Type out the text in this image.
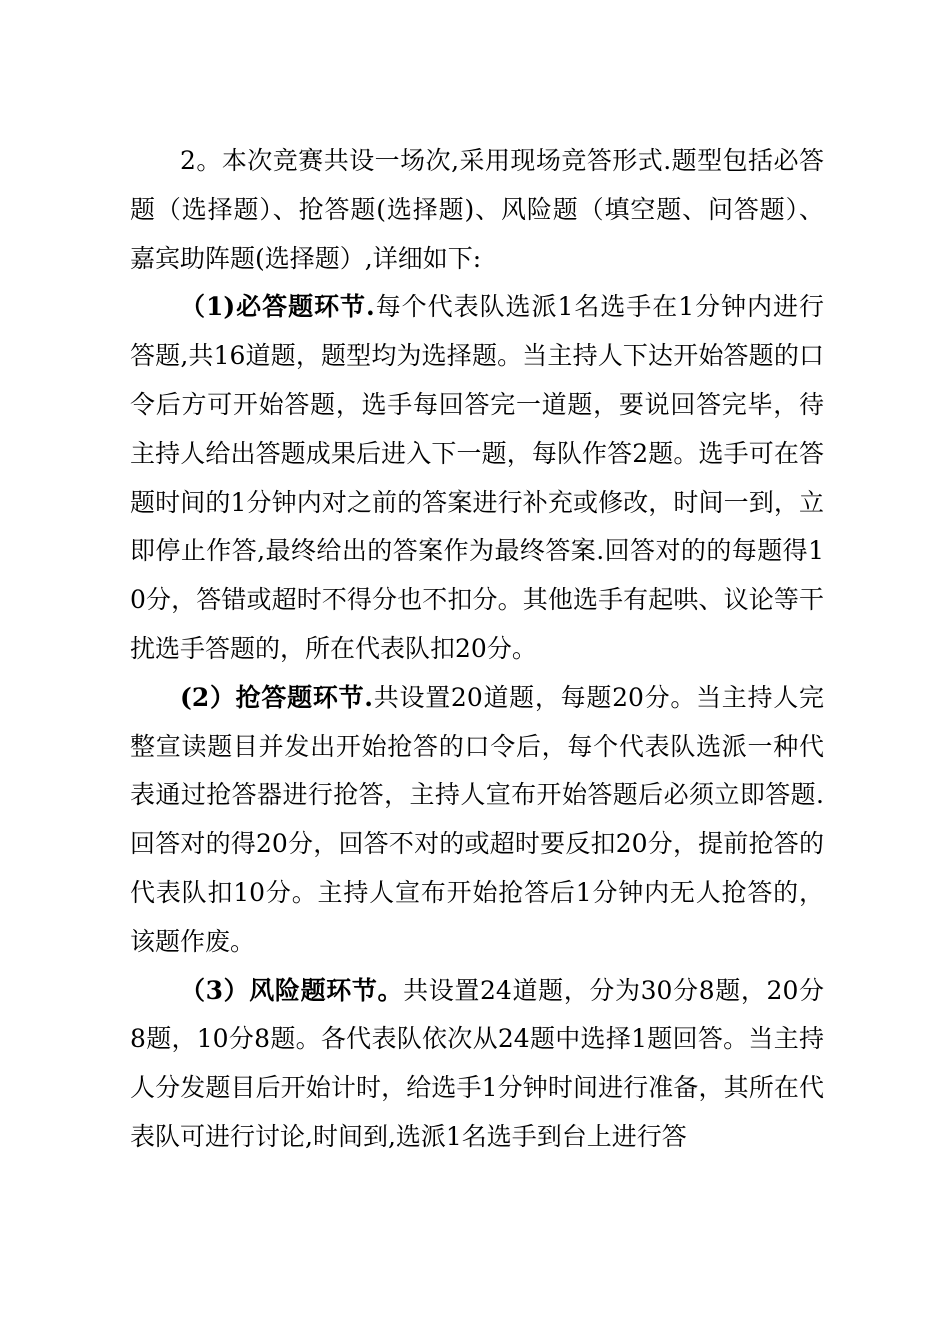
2。本次竞赛共设一场次,采用现场竞答形式.题型包括必答题（选择题）、抢答题(选择题)、风险题（填空题、问答题）、嘉宾助阵题(选择题）,详细如下:

（1)必答题环节.每个代表队选派1名选手在1分钟内进行答题,共16道题，题型均为选择题。当主持人下达开始答题的口令后方可开始答题，选手每回答完一道题，要说回答完毕，待主持人给出答题成果后进入下一题，每队作答2题。选手可在答题时间的1分钟内对之前的答案进行补充或修改，时间一到，立即停止作答,最终给出的答案作为最终答案.回答对的的每题得10分，答错或超时不得分也不扣分。其他选手有起哄、议论等干扰选手答题的，所在代表队扣20分。

(2）抢答题环节.共设置20道题，每题20分。当主持人完整宣读题目并发出开始抢答的口令后，每个代表队选派一种代表通过抢答器进行抢答，主持人宣布开始答题后必须立即答题.回答对的得20分，回答不对的或超时要反扣20分，提前抢答的代表队扣10分。主持人宣布开始抢答后1分钟内无人抢答的，该题作废。

（3）风险题环节。共设置24道题，分为30分8题，20分8题，10分8题。各代表队依次从24题中选择1题回答。当主持人分发题目后开始计时，给选手1分钟时间进行准备，其所在代表队可进行讨论,时间到,选派1名选手到台上进行答
